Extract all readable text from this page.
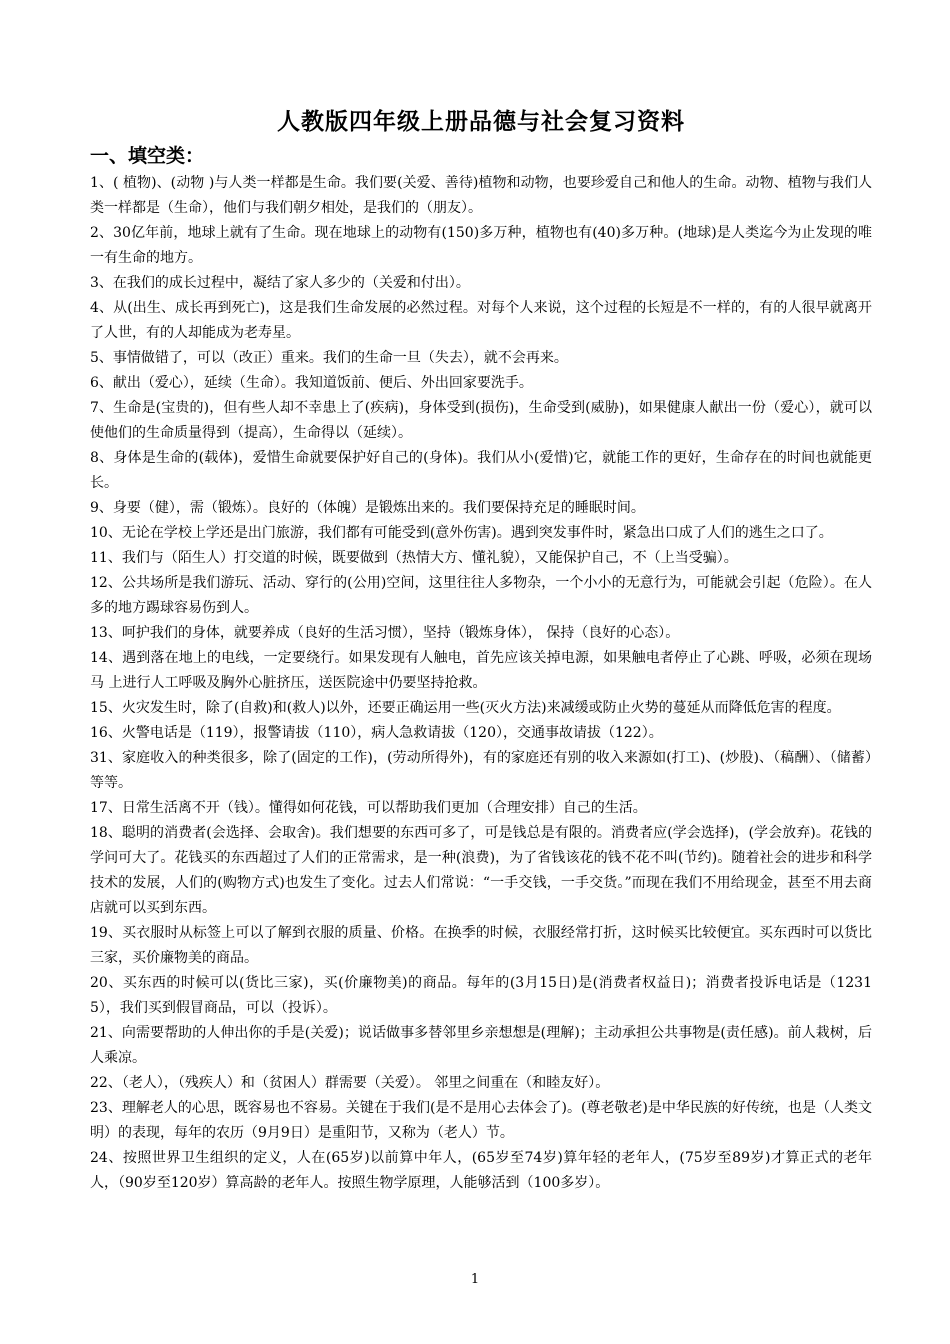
人教版四年级上册品德与社会复习资料
一、填空类：

1、( 植物)、(动物 )与人类一样都是生命。我们要(关爱、善待)植物和动物，也要珍爱自己和他人的生命。动物、植物与我们人类一样都是（生命），他们与我们朝夕相处，是我们的（朋友）。

2、30亿年前，地球上就有了生命。现在地球上的动物有(150)多万种，植物也有(40)多万种。(地球)是人类迄今为止发现的唯一有生命的地方。

3、在我们的成长过程中，凝结了家人多少的（关爱和付出）。

4、从(出生、成长再到死亡)，这是我们生命发展的必然过程。对每个人来说，这个过程的长短是不一样的，有的人很早就离开了人世，有的人却能成为老寿星。

5、事情做错了，可以（改正）重来。我们的生命一旦（失去），就不会再来。

6、献出（爱心），延续（生命）。我知道饭前、便后、外出回家要洗手。

7、生命是(宝贵的)，但有些人却不幸患上了(疾病)，身体受到(损伤)，生命受到(威胁)，如果健康人献出一份（爱心），就可以使他们的生命质量得到（提高），生命得以（延续）。

8、身体是生命的(载体)，爱惜生命就要保护好自己的(身体)。我们从小(爱惜)它，就能工作的更好，生命存在的时间也就能更长。

9、身要（健），需（锻炼）。良好的（体魄）是锻炼出来的。我们要保持充足的睡眠时间。

10、无论在学校上学还是出门旅游，我们都有可能受到(意外伤害)。遇到突发事件时，紧急出口成了人们的逃生之口了。

11、我们与（陌生人）打交道的时候，既要做到（热情大方、懂礼貌），又能保护自己，不（上当受骗）。

12、公共场所是我们游玩、活动、穿行的(公用)空间，这里往往人多物杂，一个小小的无意行为，可能就会引起（危险）。在人多的地方踢球容易伤到人。

13、呵护我们的身体，就要养成（良好的生活习惯），坚持（锻炼身体）， 保持（良好的心态）。

14、遇到落在地上的电线，一定要绕行。如果发现有人触电，首先应该关掉电源，如果触电者停止了心跳、呼吸，必须在现场马 上进行人工呼吸及胸外心脏挤压，送医院途中仍要坚持抢救。

15、火灾发生时，除了(自救)和(救人)以外，还要正确运用一些(灭火方法)来减缓或防止火势的蔓延从而降低危害的程度。

16、火警电话是（119），报警请拔（110），病人急救请拔（120），交通事故请拔（122）。

31、家庭收入的种类很多，除了(固定的工作)，(劳动所得外)，有的家庭还有别的收入来源如(打工)、(炒股)、（稿酬）、（储蓄）等等。

17、日常生活离不开（钱）。懂得如何花钱，可以帮助我们更加（合理安排）自己的生活。

18、聪明的消费者(会选择、会取舍)。我们想要的东西可多了，可是钱总是有限的。消费者应(学会选择)，(学会放弃)。花钱的学问可大了。花钱买的东西超过了人们的正常需求，是一种(浪费)，为了省钱该花的钱不花不叫(节约)。随着社会的进步和科学技术的发展，人们的(购物方式)也发生了变化。过去人们常说：“一手交钱，一手交货。”而现在我们不用给现金，甚至不用去商店就可以买到东西。

19、买衣服时从标签上可以了解到衣服的质量、价格。在换季的时候，衣服经常打折，这时候买比较便宜。买东西时可以货比三家，买价廉物美的商品。

20、买东西的时候可以(货比三家)，买(价廉物美)的商品。每年的(3月15日)是(消费者权益日)；消费者投诉电话是（12315），我们买到假冒商品，可以（投诉）。

21、向需要帮助的人伸出你的手是(关爱)；说话做事多替邻里乡亲想想是(理解)；主动承担公共事物是(责任感)。前人栽树，后人乘凉。

22、（老人），（残疾人）和（贫困人）群需要（关爱）。 邻里之间重在（和睦友好）。

23、理解老人的心思，既容易也不容易。关键在于我们(是不是用心去体会了)。(尊老敬老)是中华民族的好传统，也是（人类文明）的表现，每年的农历（9月9日）是重阳节，又称为（老人）节。

24、按照世界卫生组织的定义，人在(65岁)以前算中年人，(65岁至74岁)算年轻的老年人，(75岁至89岁)才算正式的老年人，（90岁至120岁）算高龄的老年人。按照生物学原理，人能够活到（100多岁）。

1
